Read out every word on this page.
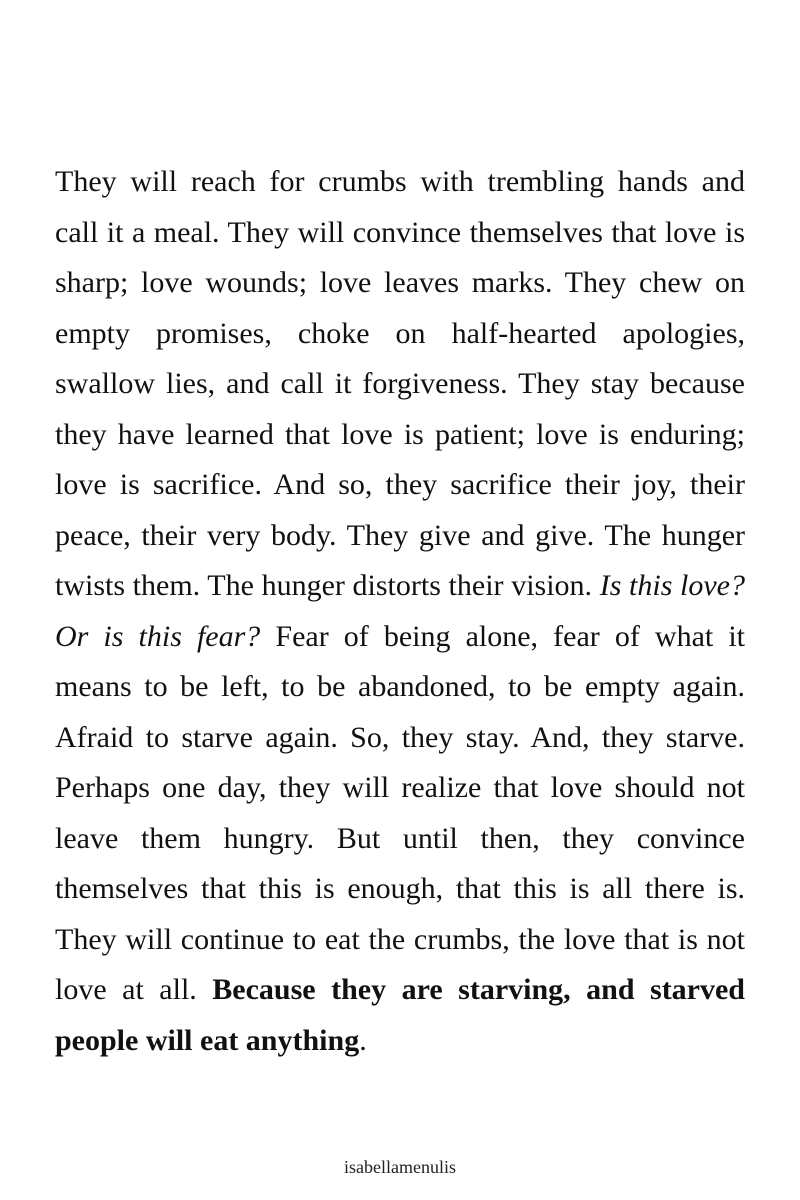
They will reach for crumbs with trembling hands and call it a meal. They will convince themselves that love is sharp; love wounds; love leaves marks. They chew on empty promises, choke on half-hearted apologies, swallow lies, and call it forgiveness. They stay because they have learned that love is patient; love is enduring; love is sacrifice. And so, they sacrifice their joy, their peace, their very body. They give and give. The hunger twists them. The hunger distorts their vision. Is this love? Or is this fear? Fear of being alone, fear of what it means to be left, to be abandoned, to be empty again. Afraid to starve again. So, they stay. And, they starve. Perhaps one day, they will realize that love should not leave them hungry. But until then, they convince themselves that this is enough, that this is all there is. They will continue to eat the crumbs, the love that is not love at all. Because they are starving, and starved people will eat anything.

isabellamenulis
